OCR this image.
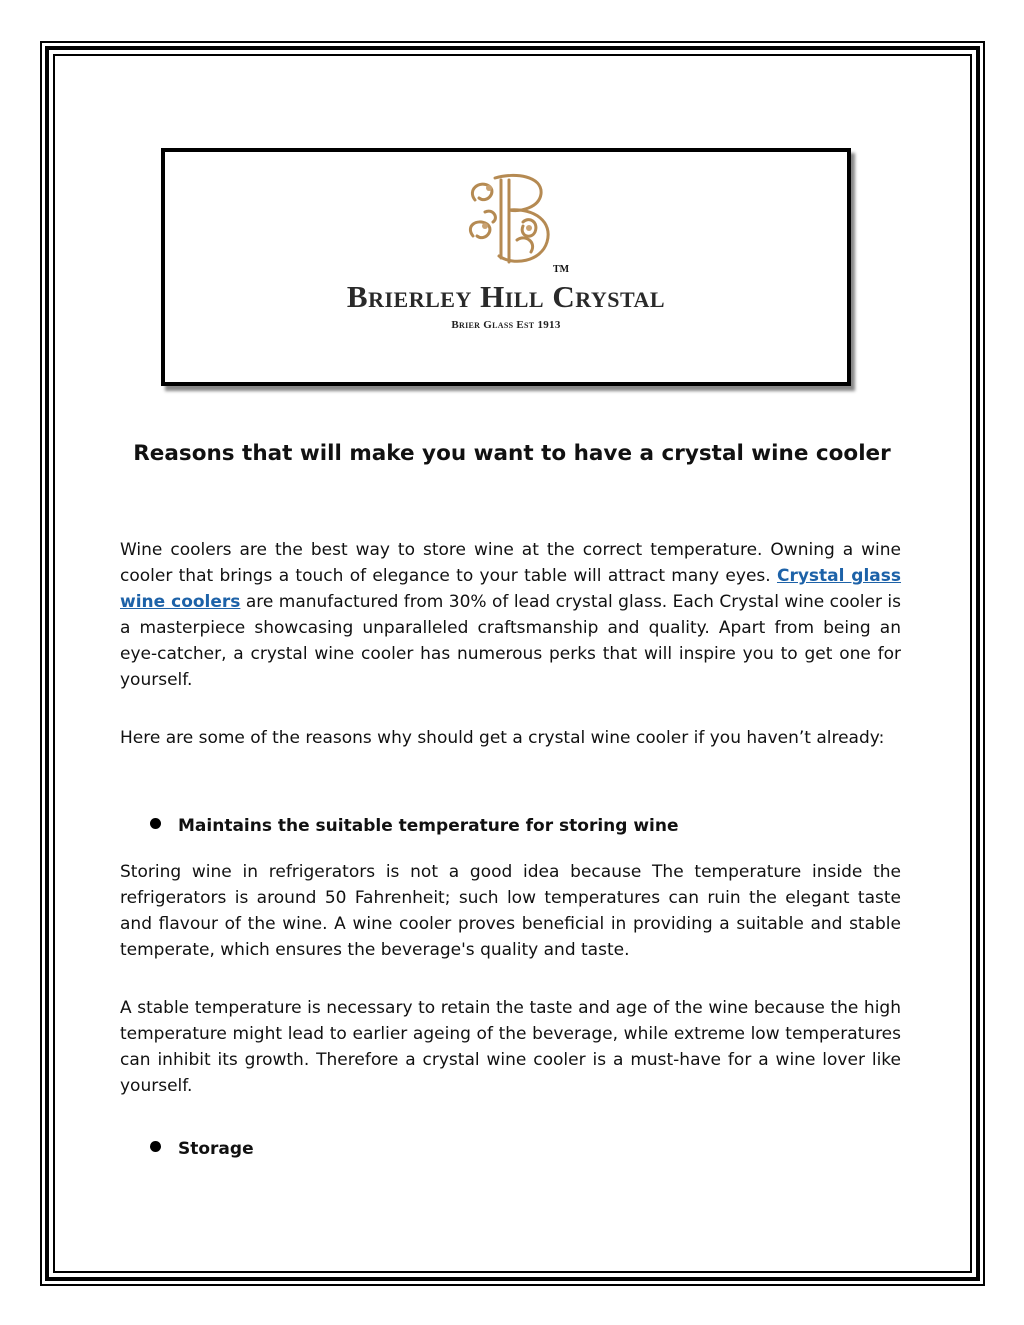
TM
Brierley Hill Crystal
Brier Glass Est 1913
Reasons that will make you want to have a crystal wine cooler

Wine coolers are the best way to store wine at the correct temperature. Owning a wine cooler that brings a touch of elegance to your table will attract many eyes. Crystal glass wine coolers are manufactured from 30% of lead crystal glass. Each Crystal wine cooler is a masterpiece showcasing unparalleled craftsmanship and quality. Apart from being an eye-catcher, a crystal wine cooler has numerous perks that will inspire you to get one for yourself.

Here are some of the reasons why should get a crystal wine cooler if you haven’t already:

Maintains the suitable temperature for storing wine

Storing wine in refrigerators is not a good idea because The temperature inside the refrigerators is around 50 Fahrenheit; such low temperatures can ruin the elegant taste and flavour of the wine. A wine cooler proves beneficial in providing a suitable and stable temperate, which ensures the beverage's quality and taste.

A stable temperature is necessary to retain the taste and age of the wine because the high temperature might lead to earlier ageing of the beverage, while extreme low temperatures can inhibit its growth. Therefore a crystal wine cooler is a must-have for a wine lover like yourself.

Storage
